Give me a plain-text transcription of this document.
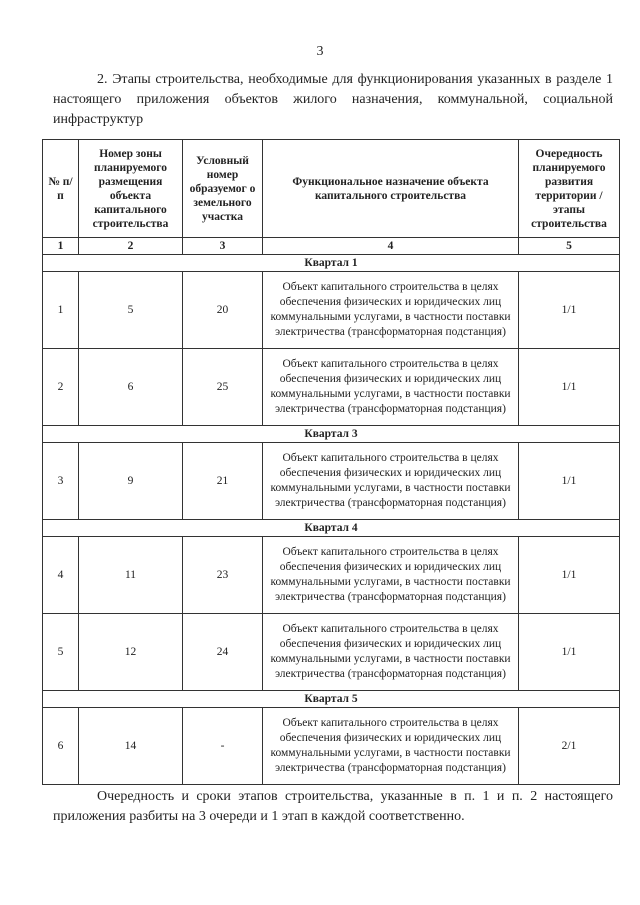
3

2. Этапы строительства, необходимые для функционирования указанных в разделе 1 настоящего приложения объектов жилого назначения, коммунальной, социальной инфраструктур

№ п/п	Номер зоны планируемого размещения объекта капитального строительства	Условный номер образуемог о земельного участка	Функциональное назначение объекта капитального строительства	Очередность планируемого развития территории / этапы строительства
1	2	3	4	5
Квартал 1				
1	5	20	Объект капитального строительства в целях обеспечения физических и юридических лиц коммунальными услугами, в частности поставки электричества (трансформаторная подстанция)	1/1
2	6	25	Объект капитального строительства в целях обеспечения физических и юридических лиц коммунальными услугами, в частности поставки электричества (трансформаторная подстанция)	1/1
Квартал 3				
3	9	21	Объект капитального строительства в целях обеспечения физических и юридических лиц коммунальными услугами, в частности поставки электричества (трансформаторная подстанция)	1/1
Квартал 4				
4	11	23	Объект капитального строительства в целях обеспечения физических и юридических лиц коммунальными услугами, в частности поставки электричества (трансформаторная подстанция)	1/1
5	12	24	Объект капитального строительства в целях обеспечения физических и юридических лиц коммунальными услугами, в частности поставки электричества (трансформаторная подстанция)	1/1
Квартал 5				
6	14	-	Объект капитального строительства в целях обеспечения физических и юридических лиц коммунальными услугами, в частности поставки электричества (трансформаторная подстанция)	2/1

Очередность и сроки этапов строительства, указанные в п. 1 и п. 2 настоящего приложения разбиты на 3 очереди и 1 этап в каждой соответственно.
